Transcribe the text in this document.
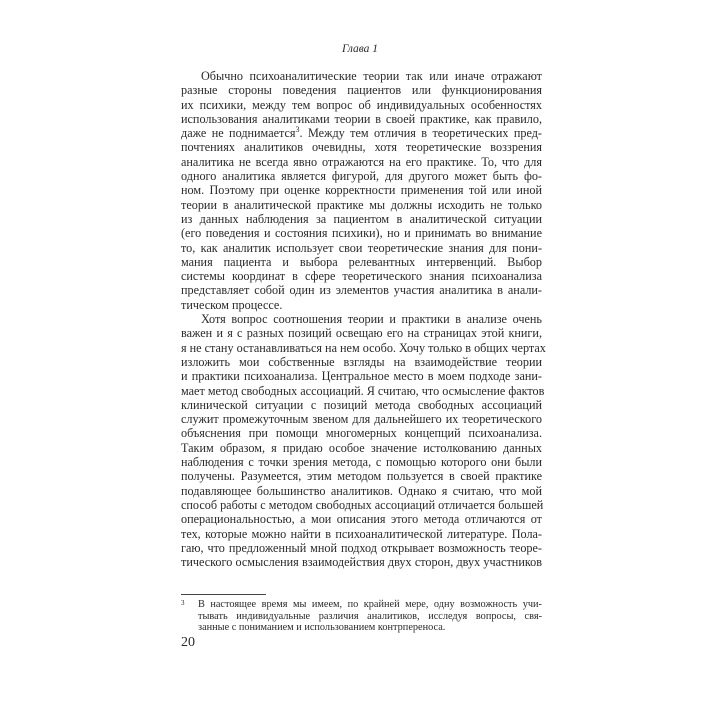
Глава 1
Обычно психоаналитические теории так или иначе отражают
разные стороны поведения пациентов или функционирования
их психики, между тем вопрос об индивидуальных особенностях
использования аналитиками теории в своей практике, как правило,
даже не поднимается$^3$. Между тем отличия в теоретических пред-
почтениях аналитиков очевидны, хотя теоретические воззрения
аналитика не всегда явно отражаются на его практике. То, что для
одного аналитика является фигурой, для другого может быть фо-
ном. Поэтому при оценке корректности применения той или иной
теории в аналитической практике мы должны исходить не только
из данных наблюдения за пациентом в аналитической ситуации
(его поведения и состояния психики), но и принимать во внимание
то, как аналитик использует свои теоретические знания для пони-
мания пациента и выбора релевантных интервенций. Выбор
системы координат в сфере теоретического знания психоанализа
представляет собой один из элементов участия аналитика в анали-
тическом процессе.
Хотя вопрос соотношения теории и практики в анализе очень
важен и я с разных позиций освещаю его на страницах этой книги,
я не стану останавливаться на нем особо. Хочу только в общих чертах
изложить мои собственные взгляды на взаимодействие теории
и практики психоанализа. Центральное место в моем подходе зани-
мает метод свободных ассоциаций. Я считаю, что осмысление фактов
клинической ситуации с позиций метода свободных ассоциаций
служит промежуточным звеном для дальнейшего их теоретического
объяснения при помощи многомерных концепций психоанализа.
Таким образом, я придаю особое значение истолкованию данных
наблюдения с точки зрения метода, с помощью которого они были
получены. Разумеется, этим методом пользуется в своей практике
подавляющее большинство аналитиков. Однако я считаю, что мой
способ работы с методом свободных ассоциаций отличается большей
операциональностью, а мои описания этого метода отличаются от
тех, которые можно найти в психоаналитической литературе. Пола-
гаю, что предложенный мной подход открывает возможность теоре-
тического осмысления взаимодействия двух сторон, двух участников
3 В настоящее время мы имеем, по крайней мере, одну возможность учи-
тывать индивидуальные различия аналитиков, исследуя вопросы, свя-
занные с пониманием и использованием контрпереноса.
20
